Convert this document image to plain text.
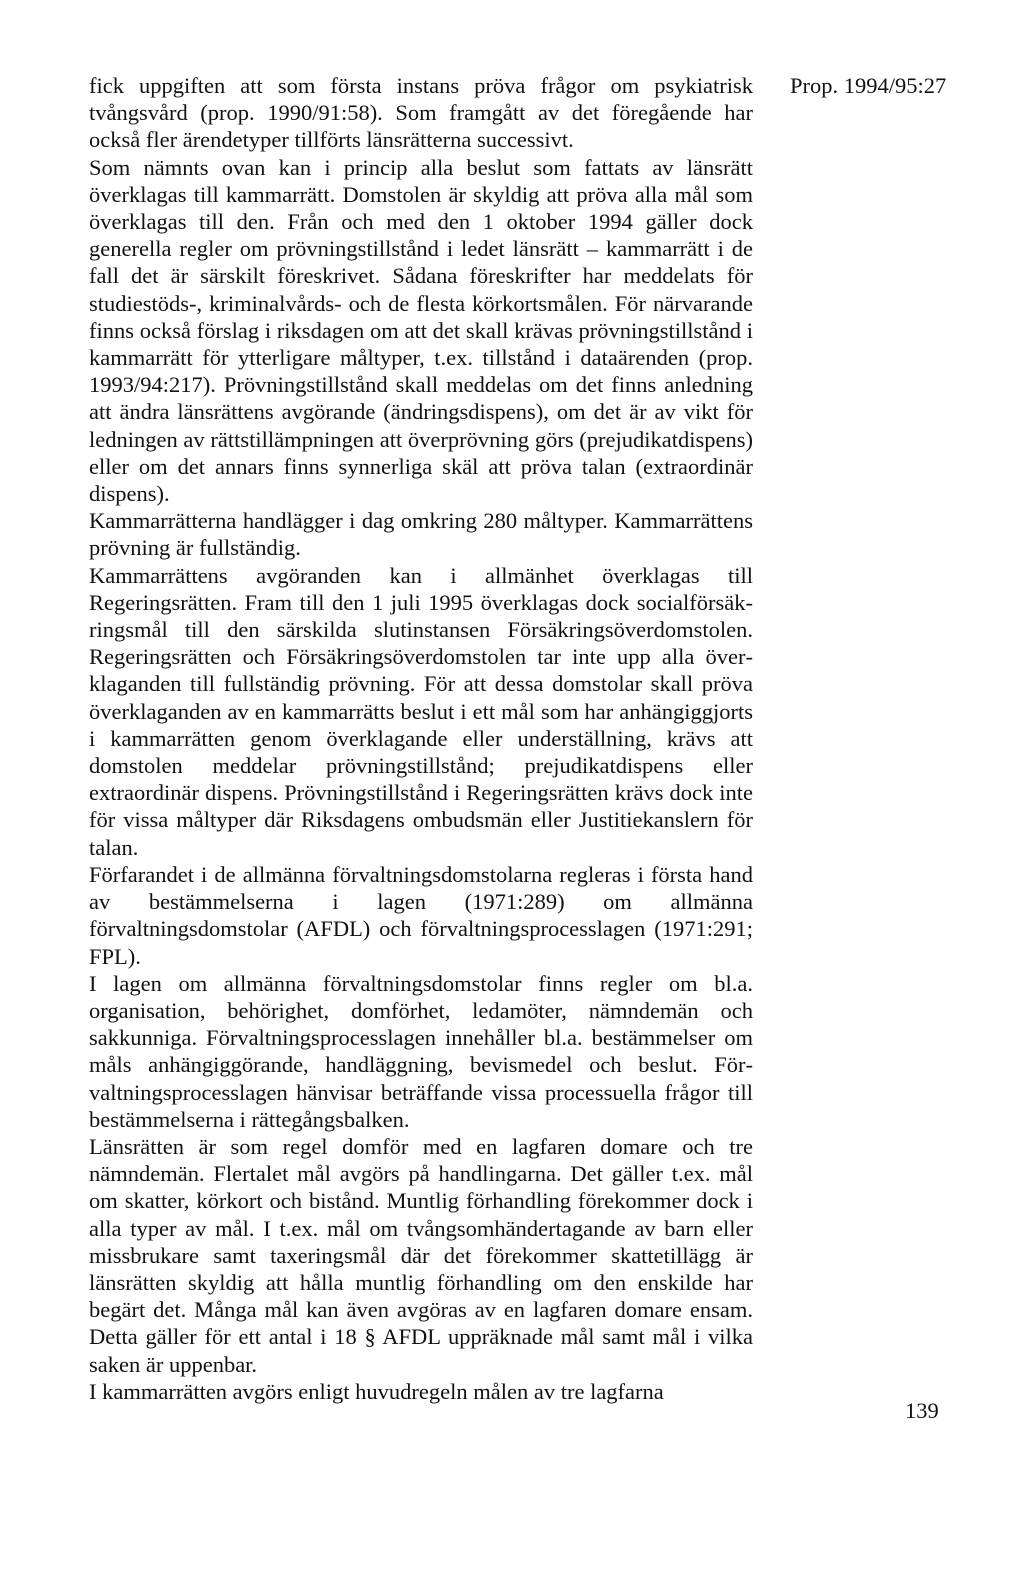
Prop. 1994/95:27

fick uppgiften att som första instans pröva frågor om psykiatrisk tvångsvård (prop. 1990/91:58). Som framgått av det föregående har också fler ärendetyper tillförts länsrätterna successivt.

Som nämnts ovan kan i princip alla beslut som fattats av länsrätt överklagas till kammarrätt. Domstolen är skyldig att pröva alla mål som överklagas till den. Från och med den 1 oktober 1994 gäller dock generella regler om prövningstillstånd i ledet länsrätt – kammarrätt i de fall det är särskilt föreskrivet. Sådana föreskrifter har meddelats för studiestöds-, kriminalvårds- och de flesta körkortsmålen. För närvarande finns också förslag i riksdagen om att det skall krävas prövningstillstånd i kammarrätt för ytterligare måltyper, t.ex. tillstånd i dataärenden (prop. 1993/94:217). Prövningstillstånd skall meddelas om det finns anledning att ändra länsrättens avgörande (ändringsdispens), om det är av vikt för ledningen av rättstillämpningen att överprövning görs (prejudikatdispens) eller om det annars finns synnerliga skäl att pröva talan (extraordinär dispens).

Kammarrätterna handlägger i dag omkring 280 måltyper. Kammarrättens prövning är fullständig.

Kammarrättens avgöranden kan i allmänhet överklagas till Regeringsrätten. Fram till den 1 juli 1995 överklagas dock socialförsäkringsmål till den särskilda slutinstansen Försäkringsöverdomstolen. Regeringsrätten och Försäkringsöverdomstolen tar inte upp alla överklaganden till fullständig prövning. För att dessa domstolar skall pröva överklaganden av en kammarrätts beslut i ett mål som har anhängiggjorts i kammarrätten genom överklagande eller underställning, krävs att domstolen meddelar prövningstillstånd; prejudikatdispens eller extraordinär dispens. Prövningstillstånd i Regeringsrätten krävs dock inte för vissa måltyper där Riksdagens ombudsmän eller Justitiekanslern för talan.

Förfarandet i de allmänna förvaltningsdomstolarna regleras i första hand av bestämmelserna i lagen (1971:289) om allmänna förvaltningsdomstolar (AFDL) och förvaltningsprocesslagen (1971:291; FPL).

I lagen om allmänna förvaltningsdomstolar finns regler om bl.a. organisation, behörighet, domförhet, ledamöter, nämndemän och sakkunniga. Förvaltningsprocesslagen innehåller bl.a. bestämmelser om måls anhängiggörande, handläggning, bevismedel och beslut. Förvaltningsprocesslagen hänvisar beträffande vissa processuella frågor till bestämmelserna i rättegångsbalken.

Länsrätten är som regel domför med en lagfaren domare och tre nämndemän. Flertalet mål avgörs på handlingarna. Det gäller t.ex. mål om skatter, körkort och bistånd. Muntlig förhandling förekommer dock i alla typer av mål. I t.ex. mål om tvångsomhändertagande av barn eller missbrukare samt taxeringsmål där det förekommer skattetillägg är länsrätten skyldig att hålla muntlig förhandling om den enskilde har begärt det. Många mål kan även avgöras av en lagfaren domare ensam. Detta gäller för ett antal i 18 § AFDL uppräknade mål samt mål i vilka saken är uppenbar.

I kammarrätten avgörs enligt huvudregeln målen av tre lagfarna

139
